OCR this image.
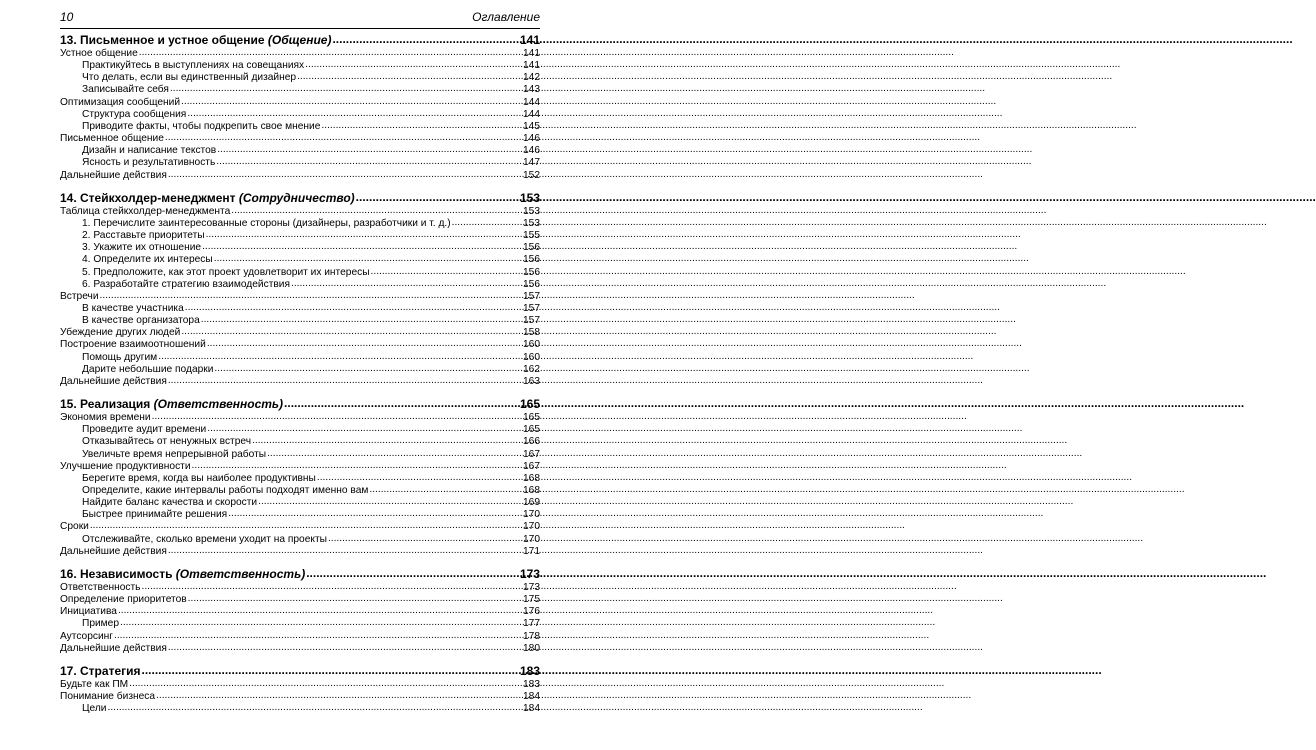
10	Оглавление
13. Письменное и устное общение (Общение) .....	141
Устное общение .....	141
Практикуйтесь в выступлениях на совещаниях .....	141
Что делать, если вы единственный дизайнер .....	142
Записывайте себя .....	143
Оптимизация сообщений .....	144
Структура сообщения .....	144
Приводите факты, чтобы подкрепить свое мнение .....	145
Письменное общение .....	146
Дизайн и написание текстов .....	146
Ясность и результативность .....	147
Дальнейшие действия .....	152
14. Стейкхолдер-менеджмент (Сотрудничество) .....	153
Таблица стейкхолдер-менеджмента .....	153
1. Перечислите заинтересованные стороны (дизайнеры, разработчики и т. д.) .....	153
2. Расставьте приоритеты .....	155
3. Укажите их отношение .....	156
4. Определите их интересы .....	156
5. Предположите, как этот проект удовлетворит их интересы .....	156
6. Разработайте стратегию взаимодействия .....	156
Встречи .....	157
В качестве участника .....	157
В качестве организатора .....	157
Убеждение других людей .....	158
Построение взаимоотношений .....	160
Помощь другим .....	160
Дарите небольшие подарки .....	162
Дальнейшие действия .....	163
15. Реализация (Ответственность) .....	165
Экономия времени .....	165
Проведите аудит времени .....	165
Отказывайтесь от ненужных встреч .....	166
Увеличьте время непрерывной работы .....	167
Улучшение продуктивности .....	167
Берегите время, когда вы наиболее продуктивны .....	168
Определите, какие интервалы работы подходят именно вам .....	168
Найдите баланс качества и скорости .....	169
Быстрее принимайте решения .....	170
Сроки .....	170
Отслеживайте, сколько времени уходит на проекты .....	170
Дальнейшие действия .....	171
16. Независимость (Ответственность) .....	173
Ответственность .....	173
Определение приоритетов .....	175
Инициатива .....	176
Пример .....	177
Аутсорсинг .....	178
Дальнейшие действия .....	180
17. Стратегия .....	183
Будьте как ПМ .....	183
Понимание бизнеса .....	184
Цели .....	184
